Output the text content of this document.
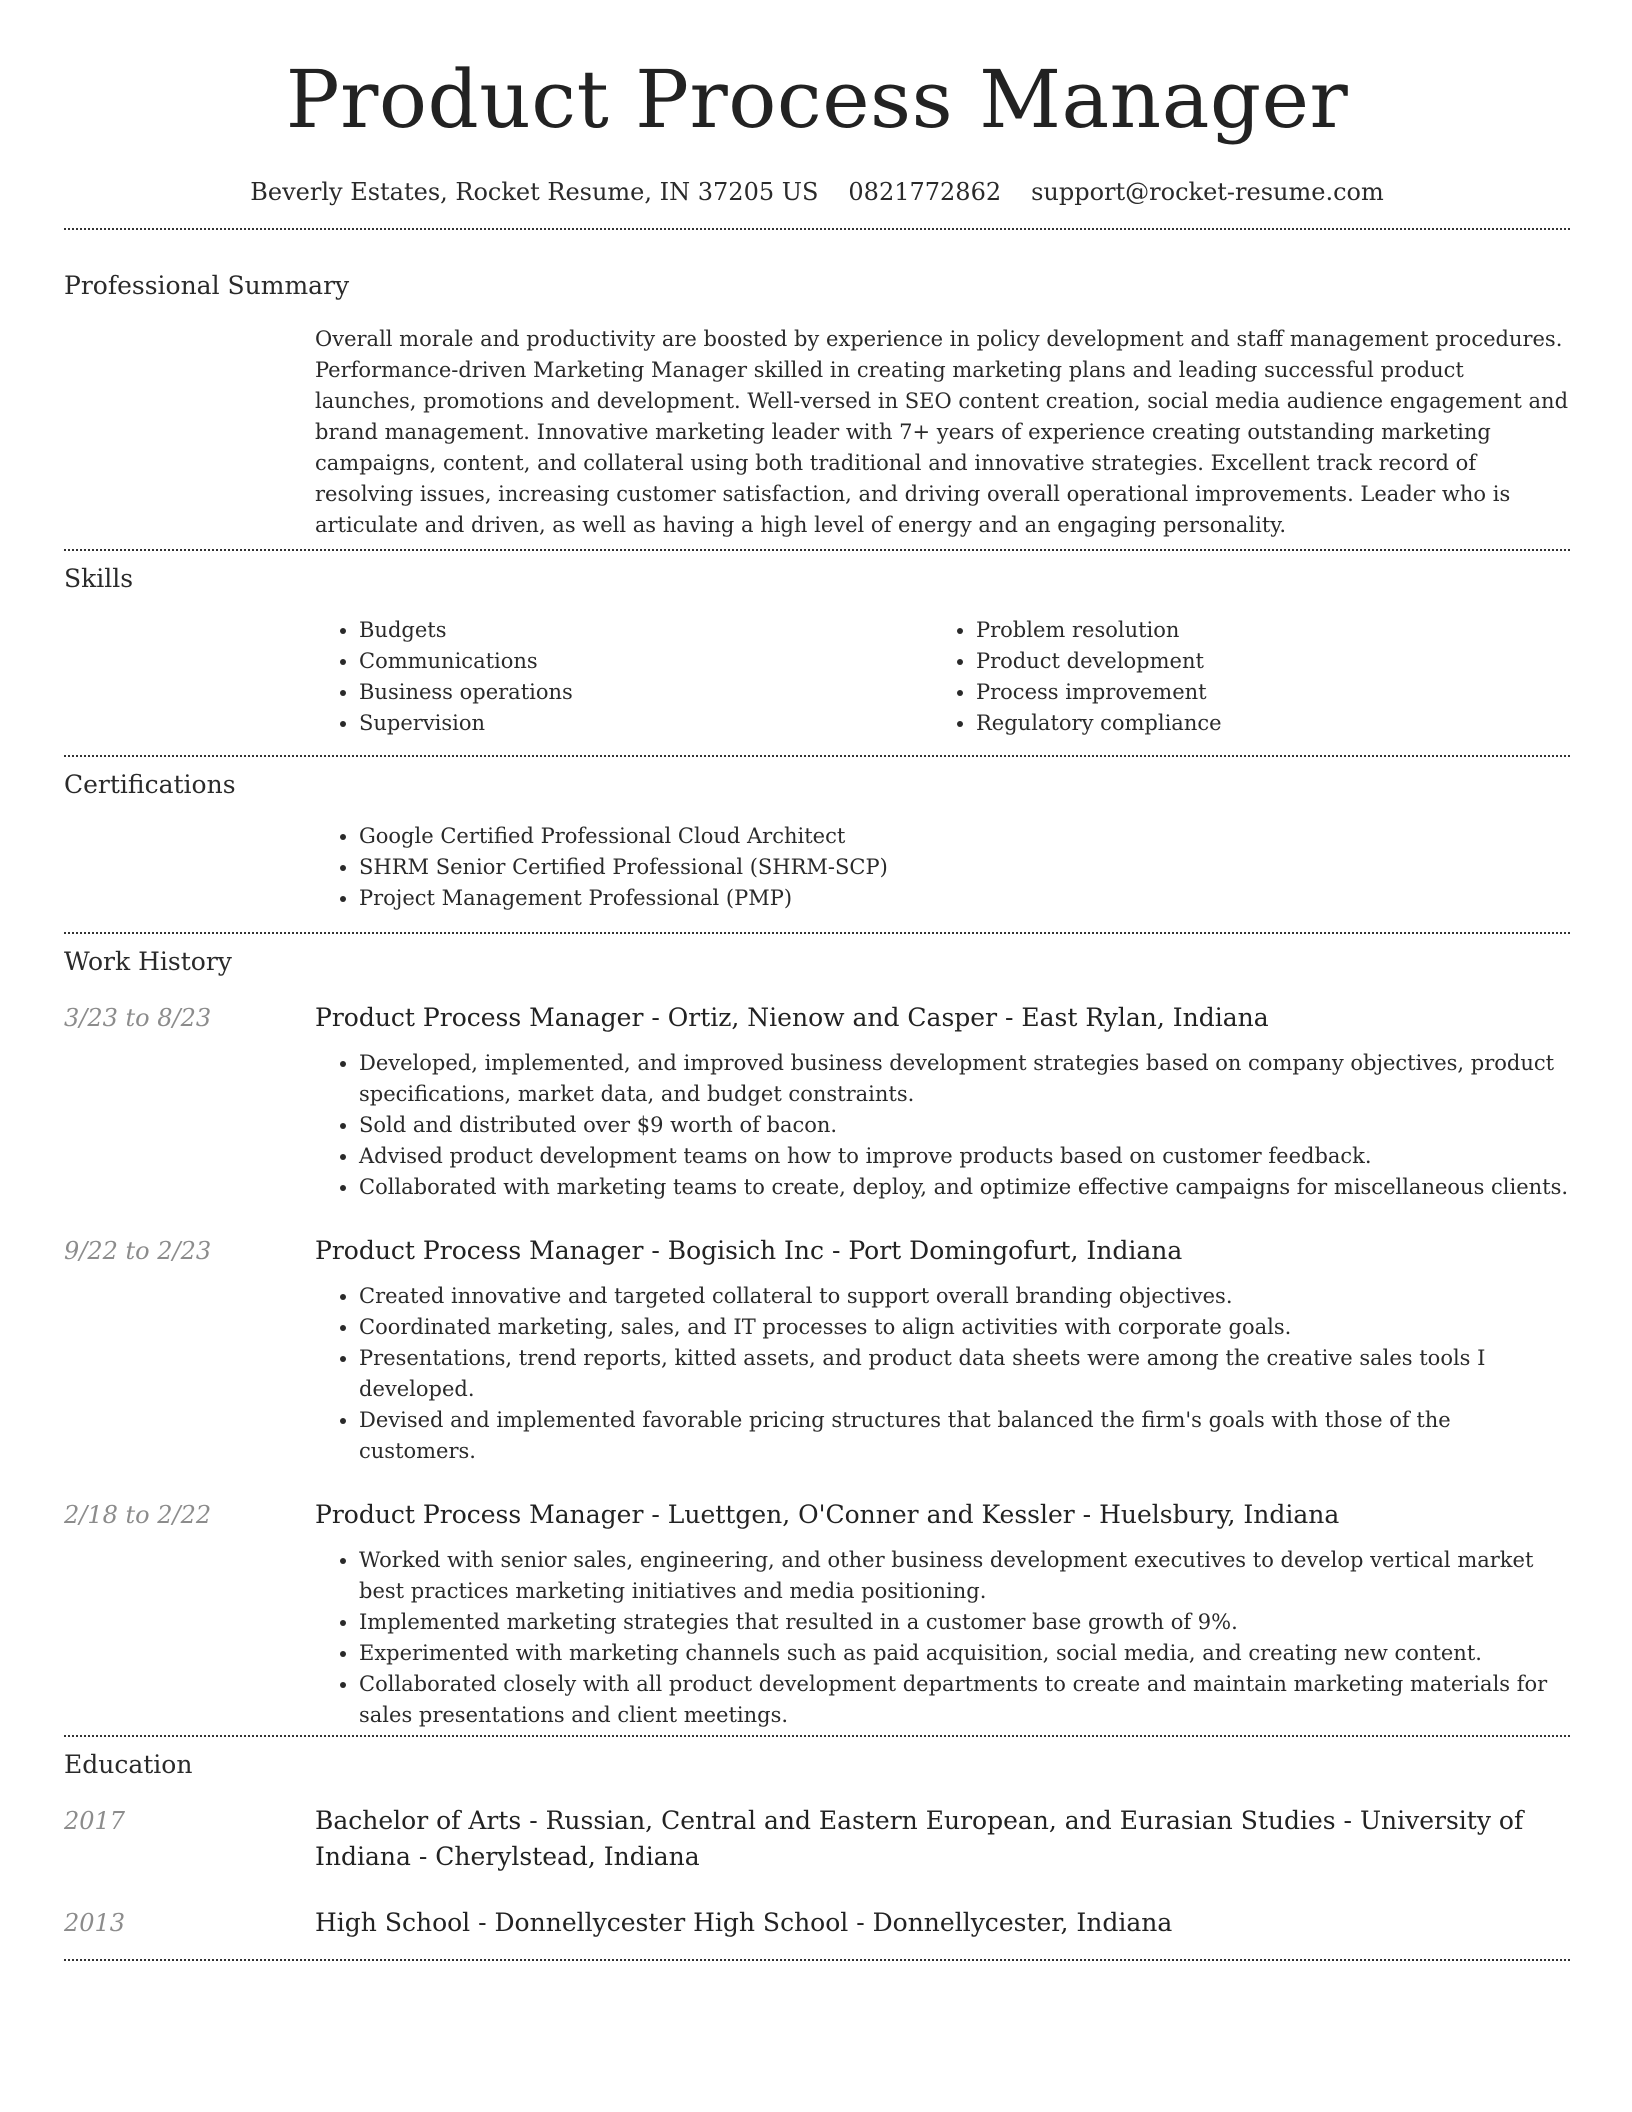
Product Process Manager
Beverly Estates, Rocket Resume, IN 37205 US 0821772862 support@rocket-resume.com
Professional Summary

Overall morale and productivity are boosted by experience in policy development and staff management procedures. Performance-driven Marketing Manager skilled in creating marketing plans and leading successful product launches, promotions and development. Well-versed in SEO content creation, social media audience engagement and brand management. Innovative marketing leader with 7+ years of experience creating outstanding marketing campaigns, content, and collateral using both traditional and innovative strategies. Excellent track record of resolving issues, increasing customer satisfaction, and driving overall operational improvements. Leader who is articulate and driven, as well as having a high level of energy and an engaging personality.

Skills
• Budgets
• Communications
• Business operations
• Supervision
• Problem resolution
• Product development
• Process improvement
• Regulatory compliance
Certifications
• Google Certified Professional Cloud Architect
• SHRM Senior Certified Professional (SHRM-SCP)
• Project Management Professional (PMP)
Work History
3/23 to 8/23	Product Process Manager - Ortiz, Nienow and Casper - East Rylan, Indiana
• Developed, implemented, and improved business development strategies based on company objectives, product specifications, market data, and budget constraints.
• Sold and distributed over $9 worth of bacon.
• Advised product development teams on how to improve products based on customer feedback.
• Collaborated with marketing teams to create, deploy, and optimize effective campaigns for miscellaneous clients.
9/22 to 2/23	Product Process Manager - Bogisich Inc - Port Domingofurt, Indiana
• Created innovative and targeted collateral to support overall branding objectives.
• Coordinated marketing, sales, and IT processes to align activities with corporate goals.
• Presentations, trend reports, kitted assets, and product data sheets were among the creative sales tools I developed.
• Devised and implemented favorable pricing structures that balanced the firm's goals with those of the customers.
2/18 to 2/22	Product Process Manager - Luettgen, O'Conner and Kessler - Huelsbury, Indiana
• Worked with senior sales, engineering, and other business development executives to develop vertical market best practices marketing initiatives and media positioning.
• Implemented marketing strategies that resulted in a customer base growth of 9%.
• Experimented with marketing channels such as paid acquisition, social media, and creating new content.
• Collaborated closely with all product development departments to create and maintain marketing materials for sales presentations and client meetings.
Education
2017	Bachelor of Arts - Russian, Central and Eastern European, and Eurasian Studies - University of Indiana - Cherylstead, Indiana
2013	High School - Donnellycester High School - Donnellycester, Indiana
